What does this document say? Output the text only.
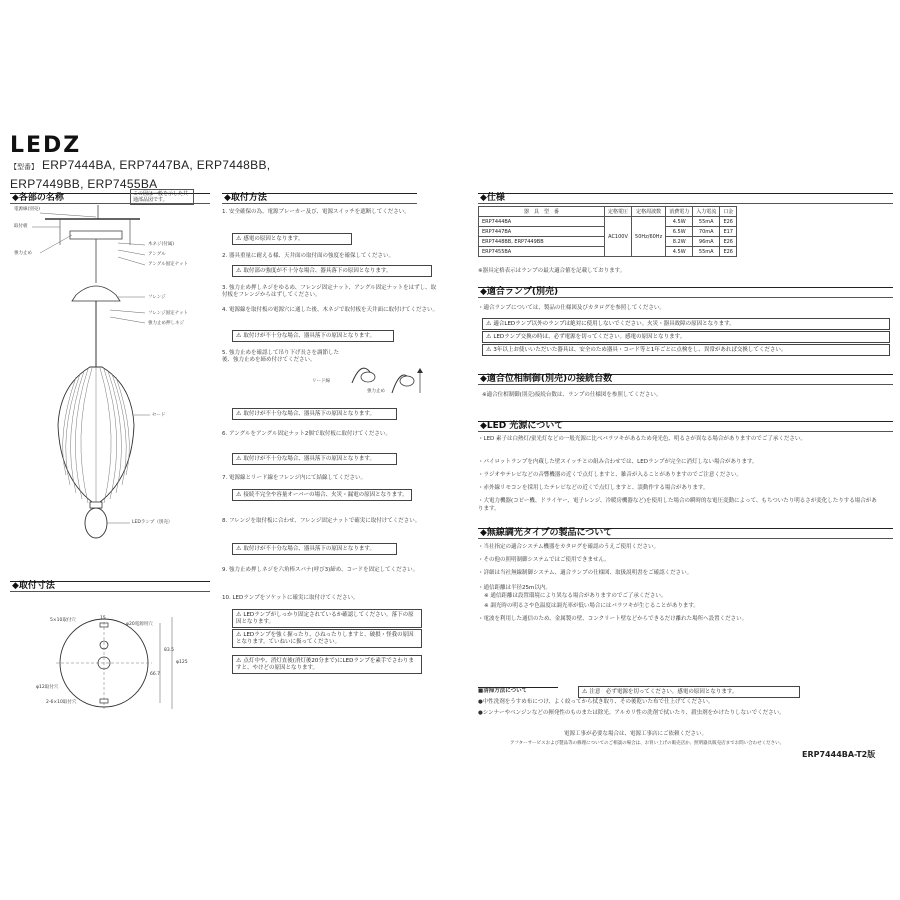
LEDZ
【型番】 ERP7444BA, ERP7447BA, ERP7448BB,
ERP7449BB, ERP7455BA
◆各部の名称	この図は一般を示した共通部品図です。
電源線(別売)
取付板
強力止め
木ネジ(付属)
アングル
アングル固定ナット
フレンジ
フレンジ固定ナット
強力止め押しネジ
セード
LEDランプ（別売）
◆取付寸法
5×10取付穴	15
φ20電源用穴
φ12取付穴
2-6×10取付穴
φ125
83.5
66.7
◆取付方法
1. 安全確保の為、電源ブレーカー及び、電源スイッチを遮断してください。
⚠ 感電の原因となります。
2. 器具重量に耐える様、天井面の取付面の強度を確保してください。
⚠ 取付部の強度が不十分な場合、器具落下の原因となります。
3. 強力止め押しネジをゆるめ、フレンジ固定ナット、アングル固定ナットをはずし、取付板をフレンジからはずしてください。
4. 電源線を取付板の電源穴に通した後、木ネジで取付板を天井面に取付けてください。
⚠ 取付けが不十分な場合、器具落下の原因となります。
5. 強力止めを確認して吊り下げ長さを調節した後、強力止めを締め付けてください。
リード線
強力止め
⚠ 取付けが不十分な場合、器具落下の原因となります。
6. アングルをアングル固定ナット2個で取付板に取付けてください。
⚠ 取付けが不十分な場合、器具落下の原因となります。
7. 電源線とリード線をフレンジ内にて結線してください。
⚠ 接続不完全や容量オーバーの場合、火災・漏電の原因となります。
8. フレンジを取付板に合わせ、フレンジ固定ナットで確実に取付けてください。
⚠ 取付けが不十分な場合、器具落下の原因となります。
9. 強力止め押しネジを六角棒スパナ(呼び3)締め、コードを固定してください。
10. LEDランプをソケットに確実に取付けてください。
⚠ LEDランプがしっかり固定されているか確認してください。落下の原因となります。
⚠ LEDランプを強く握ったり、ひねったりしますと、破損・怪我の原因となります。ていねいに扱ってください。
⚠ 点灯中や、消灯直後(消灯後20分まで)にLEDランプを素手でさわりますと、やけどの原因となります。
◆仕様
器　具　型　番	定格電圧	定格周波数	消費電力	入力電流	口金
ERP7444BA	AC100V	50Hz/60Hz	4.5W	55mA	E26
ERP7447BA			6.5W	70mA	E17
ERP7448BB, ERP7449BB			8.2W	96mA	E26
ERP7455BA			4.5W	55mA	E26
※器具定格表示はランプの最大適合値を記載しております。
◆適合ランプ(別売)
・適合ランプについては、製品の仕様図及びカタログを参照してください。
⚠ 適合LEDランプ以外のランプは絶対に使用しないでください。火災・器具故障の原因となります。
⚠ LEDランプ交換の時は、必ず電源を切ってください。感電の原因となります。
⚠ 3年以上お使いいただいた器具は、安全のため器具・コード等と1年ごとに点検をし、異常があれば交換してください。
◆適合位相制御(別売)の接続台数
※適合位相制御(別売)接続台数は、ランプの仕様図を参照してください。
◆LED 光源について
・LED 素子は白熱灯/蛍光灯などの一般光源に比べバラツキがあるため発光色、明るさが異なる場合がありますのでご了承ください。
・パイロットランプを内蔵した壁スイッチとの組み合わせでは、LEDランプが完全に消灯しない場合があります。
・ラジオやテレビなどの音響機器の近くで点灯しますと、雑音が入ることがありますのでご注意ください。
・赤外線リモコンを採用したテレビなどの近くで点灯しますと、誤動作する場合があります。
・大電力機器(コピー機、ドライヤー、電子レンジ、冷暖房機器など)を使用した場合の瞬時的な電圧変動によって、もちついたり明るさが変化したりする場合があります。
◆無線調光タイプの製品について
・当社指定の適合システム機器をカタログを確認のうえご使用ください。
・その他の照明制御システムではご使用できません。
・詳細は当社無線制御システム、適合ランプの仕様図、取扱説明書をご確認ください。
・通信距離は半径25m以内。
※ 通信距離は設置環境により異なる場合がありますのでご了承ください。
※ 調光時の明るさや色温度は調光率が低い場合にはバラツキが生じることがあります。
・電波を利用した通信のため、金属製の壁、コンクリート壁などからできるだけ離れた場所へ設置ください。
■清掃方法について	⚠ 注意　必ず電源を切ってください。感電の原因となります。
●中性洗剤をうすめ布につけ、よく絞ってから拭き取り、その後乾いた布で仕上げてください。
●シンナーやベンジンなどの揮発性のものまたは除光、アルカリ性の洗剤で拭いたり、殺虫剤をかけたりしないでください。
電源工事が必要な場合は、電源工事店にご依頼ください。
アフターサービスおよび製品等の修理についてのご相談の場合は、お買い上げの販売店か、照明器具販売店までお問い合わせください。
ERP7444BA-T2版
